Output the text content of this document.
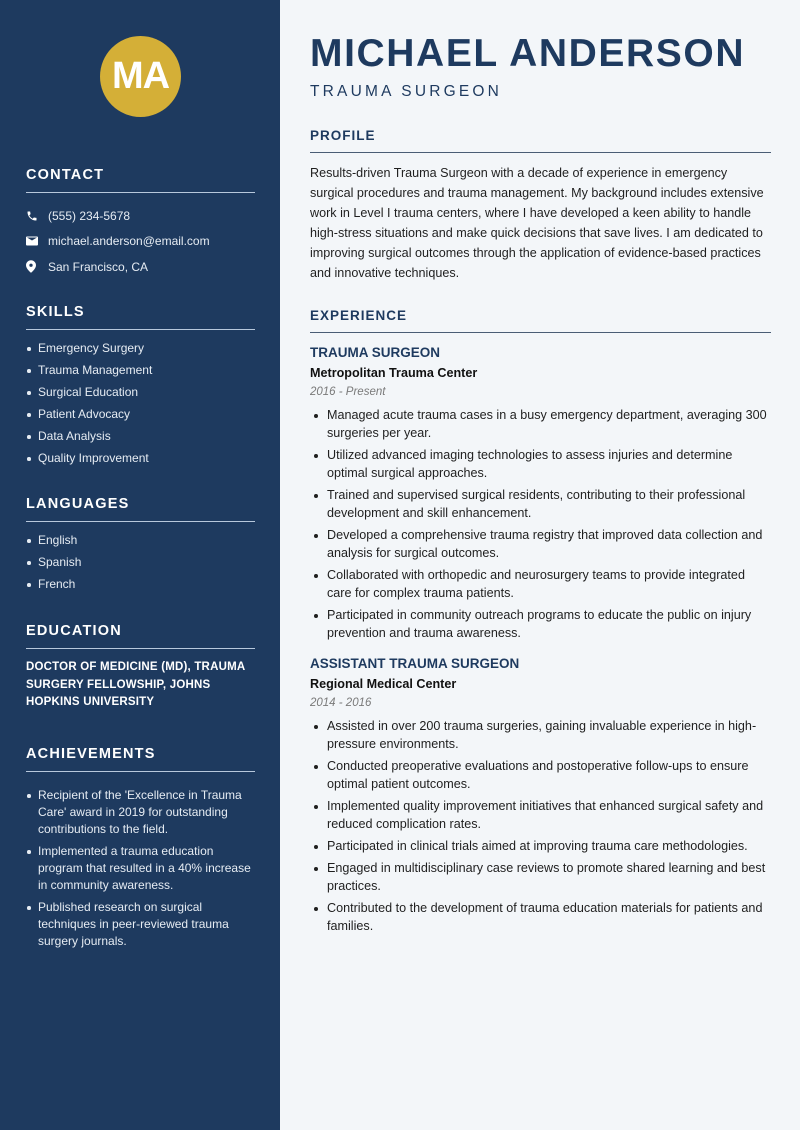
MA
CONTACT
(555) 234-5678
michael.anderson@email.com
San Francisco, CA
SKILLS
Emergency Surgery
Trauma Management
Surgical Education
Patient Advocacy
Data Analysis
Quality Improvement
LANGUAGES
English
Spanish
French
EDUCATION
DOCTOR OF MEDICINE (MD), TRAUMA SURGERY FELLOWSHIP, JOHNS HOPKINS UNIVERSITY
ACHIEVEMENTS
Recipient of the 'Excellence in Trauma Care' award in 2019 for outstanding contributions to the field.
Implemented a trauma education program that resulted in a 40% increase in community awareness.
Published research on surgical techniques in peer-reviewed trauma surgery journals.
MICHAEL ANDERSON
TRAUMA SURGEON
PROFILE

Results-driven Trauma Surgeon with a decade of experience in emergency surgical procedures and trauma management. My background includes extensive work in Level I trauma centers, where I have developed a keen ability to handle high-stress situations and make quick decisions that save lives. I am dedicated to improving surgical outcomes through the application of evidence-based practices and innovative techniques.

EXPERIENCE
TRAUMA SURGEON
Metropolitan Trauma Center
2016 - Present
Managed acute trauma cases in a busy emergency department, averaging 300 surgeries per year.
Utilized advanced imaging technologies to assess injuries and determine optimal surgical approaches.
Trained and supervised surgical residents, contributing to their professional development and skill enhancement.
Developed a comprehensive trauma registry that improved data collection and analysis for surgical outcomes.
Collaborated with orthopedic and neurosurgery teams to provide integrated care for complex trauma patients.
Participated in community outreach programs to educate the public on injury prevention and trauma awareness.
ASSISTANT TRAUMA SURGEON
Regional Medical Center
2014 - 2016
Assisted in over 200 trauma surgeries, gaining invaluable experience in high-pressure environments.
Conducted preoperative evaluations and postoperative follow-ups to ensure optimal patient outcomes.
Implemented quality improvement initiatives that enhanced surgical safety and reduced complication rates.
Participated in clinical trials aimed at improving trauma care methodologies.
Engaged in multidisciplinary case reviews to promote shared learning and best practices.
Contributed to the development of trauma education materials for patients and families.
